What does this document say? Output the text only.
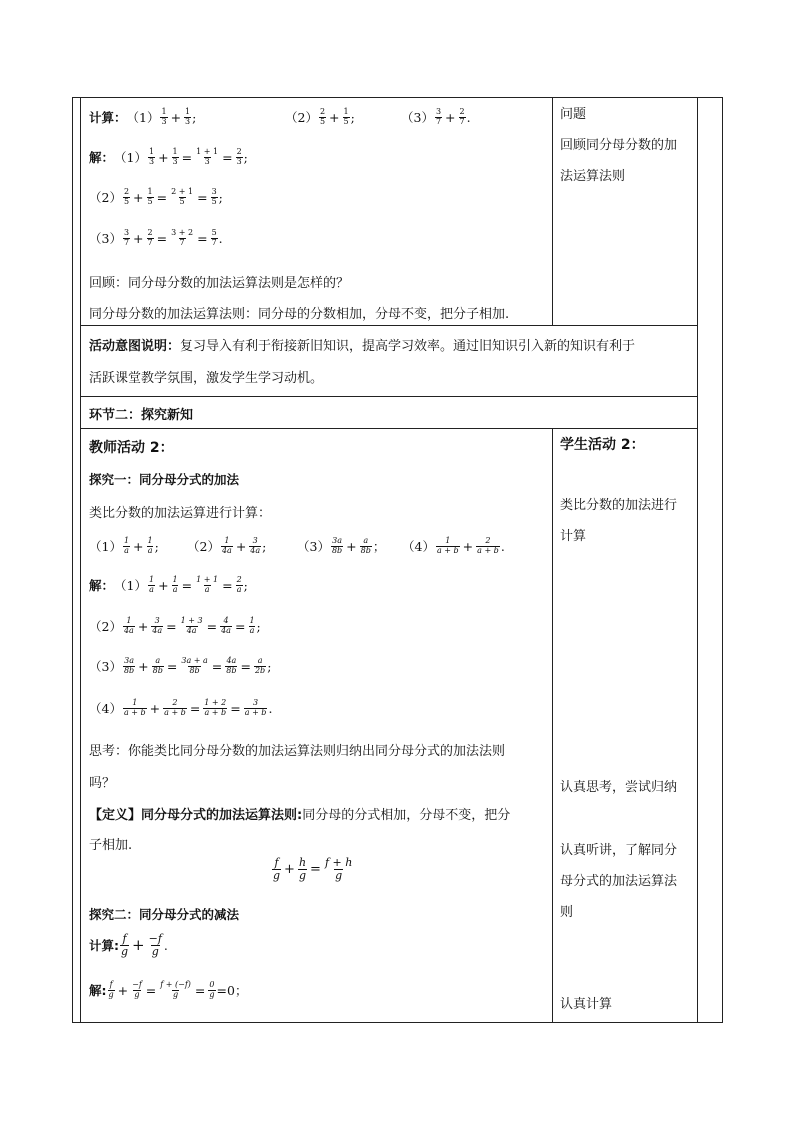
计算： $(1) \frac{1}{3} + \frac{1}{3}$ ;	$(2) \frac{2}{5} + \frac{1}{5}$ ;	$(3) \frac{3}{7} + \frac{2}{7}$ .
解： $(1) \frac{1}{3} + \frac{1}{3} = \frac{1 + 1}{3} = \frac{2}{3}$ ;
$(2) \frac{2}{5} + \frac{1}{5} = \frac{2 + 1}{5} = \frac{3}{5}$ ;
$(3) \frac{3}{7} + \frac{2}{7} = \frac{3 + 2}{7} = \frac{5}{7}$ .
回顾： 同分母分数的加法运算法则是怎样的？
同分母分数的加法运算法则： 同分母的分数相加，分母不变，把分子相加.
问题
回顾同分母分数的加
法运算法则
活动意图说明： 复习导入有利于衔接新旧知识，提高学习效率。通过旧知识引入新的知识有利于
活跃课堂教学氛围，激发学生学习动机。
环节二：探究新知
教师活动 2：
探究一：同分母分式的加法
类比分数的加法运算进行计算：
$(1) \frac{1}{a} + \frac{1}{a}$ ; $(2) \frac{1}{4a} + \frac{3}{4a}$ ; $(3) \frac{3a}{8b} + \frac{a}{8b}$ ； $(4) \frac{1}{a + b} + \frac{2}{a + b}$ .
解： $(1) \frac{1}{a} + \frac{1}{a} = \frac{1 + 1}{a} = \frac{2}{a}$ ;
$(2) \frac{1}{4a} + \frac{3}{4a} = \frac{1 + 3}{4a} = \frac{4}{4a} = \frac{1}{a}$ ;
$(3) \frac{3a}{8b} + \frac{a}{8b} = \frac{3a + a}{8b} = \frac{4a}{8b} = \frac{a}{2b}$ ;
$(4) \frac{1}{a + b} + \frac{2}{a + b} = \frac{1 + 2}{a + b} = \frac{3}{a + b}$ .
思考：你能类比同分母分数的加法运算法则归纳出同分母分式的加法法则
吗？
【定义】同分母分式的加法运算法则: 同分母的分式相加，分母不变，把分
子相加.
$\frac{f}{g} + \frac{h}{g} = \frac{f + h}{g}$
探究二：同分母分式的减法
计算: $\frac{f}{g} + \frac{-f}{g}$ .
解: $\frac{f}{g} + \frac{-f}{g} = \frac{f + (-f)}{g} = \frac{0}{g} =0$；
学生活动 2：
类比分数的加法进行
计算
认真思考，尝试归纳
认真听讲，了解同分
母分式的加法运算法
则
认真计算
